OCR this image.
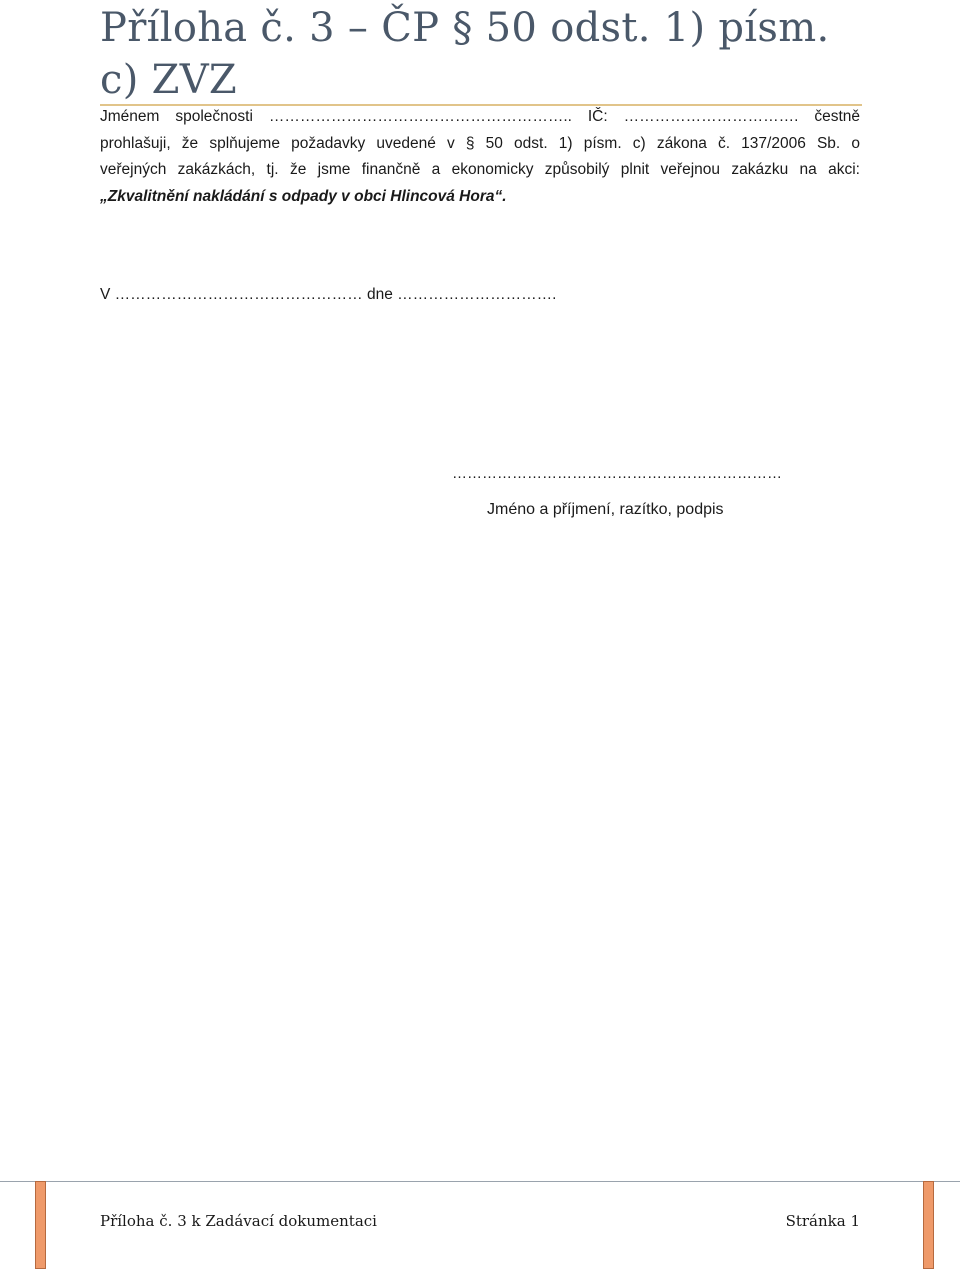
Příloha č. 3 – ČP § 50 odst. 1) písm. c) ZVZ

Jménem společnosti ………………………………………………….. IČ: ……………………………. čestně
prohlašuji, že splňujeme požadavky uvedené v § 50 odst. 1) písm. c) zákona č. 137/2006 Sb. o
veřejných zakázkách, tj. že jsme finančně a ekonomicky způsobilý plnit veřejnou zakázku na akci:
„Zkvalitnění nakládání s odpady v obci Hlincová Hora“.

V ………………………………………… dne ………………………….
…………………………………………………………
Jméno a příjmení, razítko, podpis
Příloha č. 3 k Zadávací dokumentaci	Stránka 1
